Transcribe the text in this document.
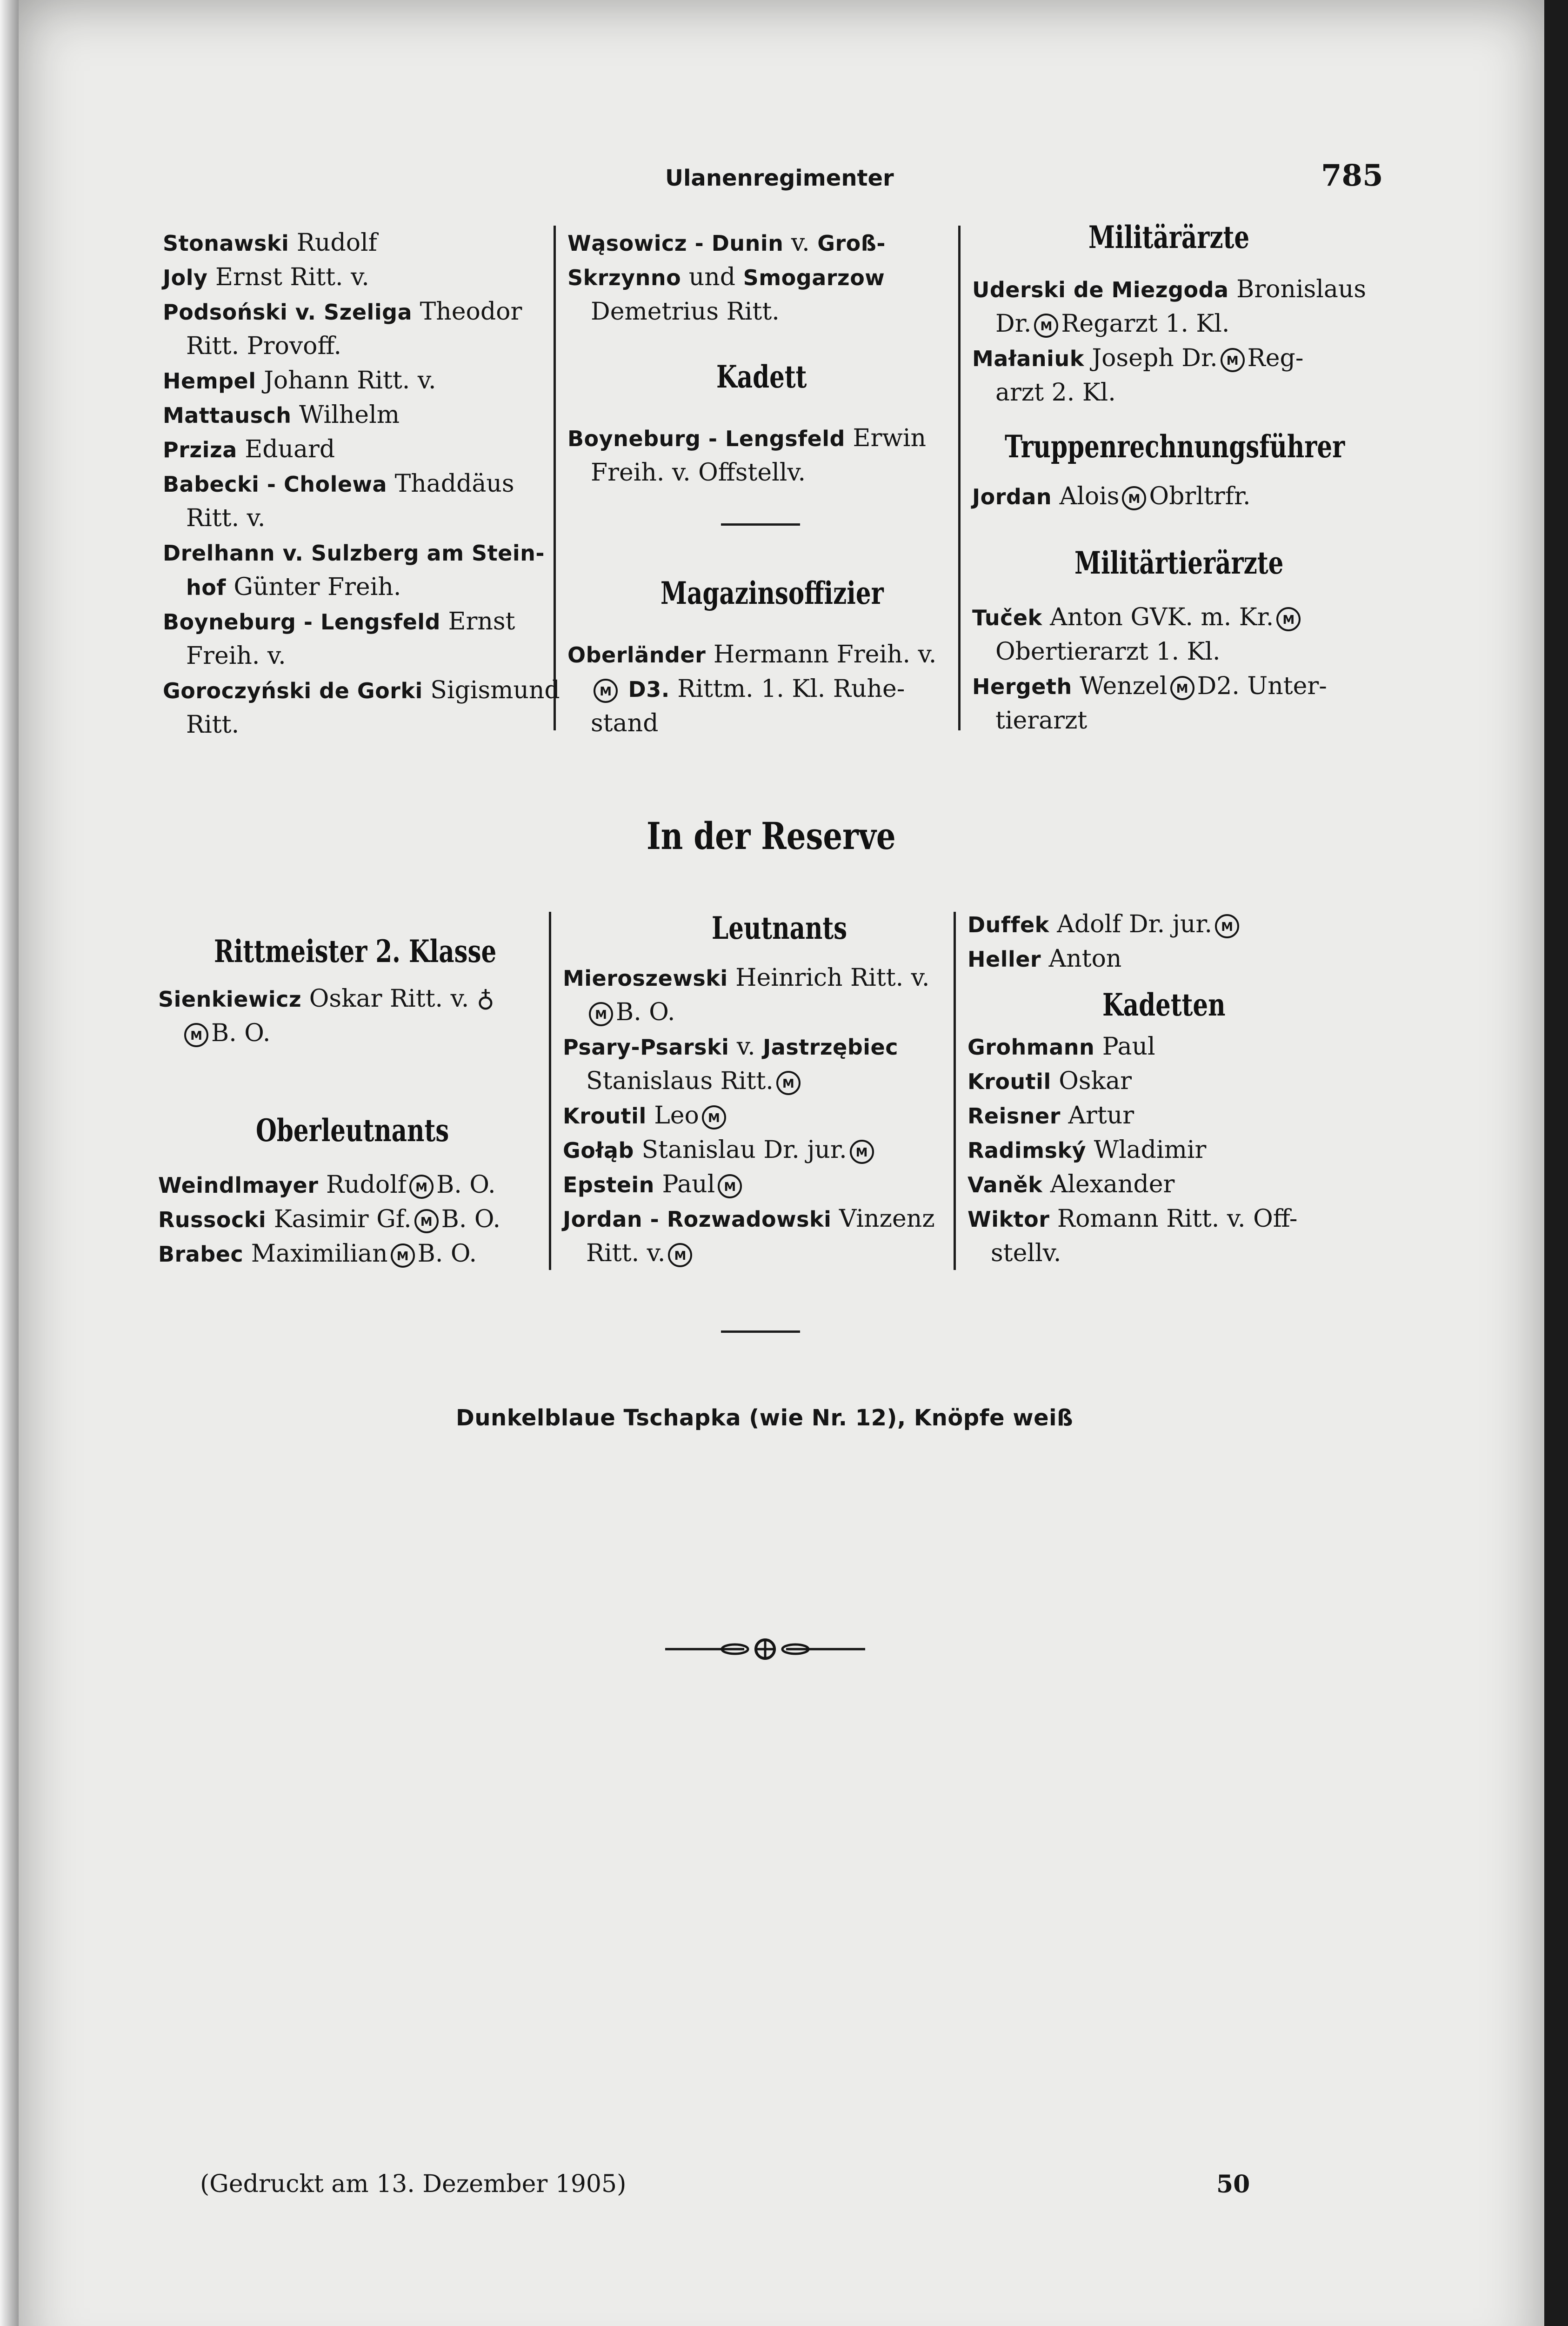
Ulanenregimenter	785
Stonawski Rudolf
Joly Ernst Ritt. v.
Podsoński v. Szeliga Theodor
Ritt. Provoff.
Hempel Johann Ritt. v.
Mattausch Wilhelm
Prziza Eduard
Babecki - Cholewa Thaddäus
Ritt. v.
Drelhann v. Sulzberg am Stein-
hof Günter Freih.
Boyneburg - Lengsfeld Ernst
Freih. v.
Goroczyński de Gorki Sigismund
Ritt.
Wąsowicz - Dunin v. Groß-
Skrzynno und Smogarzow
Demetrius Ritt.
Kadett
Boyneburg - Lengsfeld Erwin
Freih. v. Offstellv.
Magazinsoffizier
Oberländer Hermann Freih. v.
M D3. Rittm. 1. Kl. Ruhe-
stand
Militärärzte
Uderski de Miezgoda Bronislaus
Dr. M Regarzt 1. Kl.
Małaniuk Joseph Dr. M Reg-
arzt 2. Kl.
Truppenrechnungsführer
Jordan Alois M Obrltrfr.
Militärtierärzte
Tuček Anton GVK. m. Kr. M
Obertierarzt 1. Kl.
Hergeth Wenzel M D2. Unter-
tierarzt
In der Reserve
Rittmeister 2. Klasse
Sienkiewicz Oskar Ritt. v. ♁
M B. O.
Oberleutnants
Weindlmayer Rudolf M B. O.
Russocki Kasimir Gf. M B. O.
Brabec Maximilian M B. O.
Leutnants
Mieroszewski Heinrich Ritt. v.
M B. O.
Psary-Psarski v. Jastrzębiec
Stanislaus Ritt. M
Kroutil Leo M
Gołąb Stanislau Dr. jur. M
Epstein Paul M
Jordan - Rozwadowski Vinzenz
Ritt. v. M
Duffek Adolf Dr. jur. M
Heller Anton
Kadetten
Grohmann Paul
Kroutil Oskar
Reisner Artur
Radimský Wladimir
Vaněk Alexander
Wiktor Romann Ritt. v. Off-
stellv.
Dunkelblaue Tschapka (wie Nr. 12), Knöpfe weiß
(Gedruckt am 13. Dezember 1905)	50
